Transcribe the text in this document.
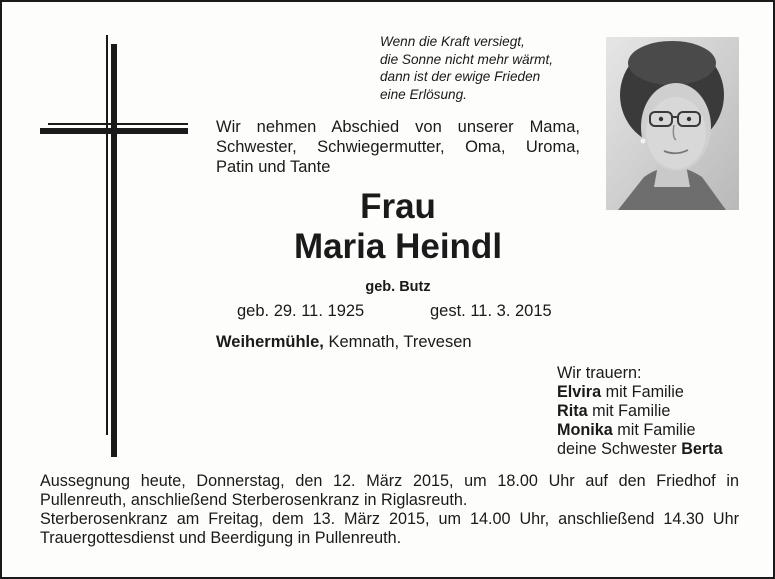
Wenn die Kraft versiegt,
die Sonne nicht mehr wärmt,
dann ist der ewige Frieden
eine Erlösung.
Wir nehmen Abschied von unserer Mama,
Schwester, Schwiegermutter, Oma, Uroma,
Patin und Tante
Frau
Maria Heindl
geb. Butz
geb. 29. 11. 1925	gest. 11. 3. 2015
Weihermühle, Kemnath, Trevesen
Wir trauern:
Elvira mit Familie
Rita mit Familie
Monika mit Familie
deine Schwester Berta
Aussegnung heute, Donnerstag, den 12. März 2015, um 18.00 Uhr auf den Friedhof in
Pullenreuth, anschließend Sterberosenkranz in Riglasreuth.
Sterberosenkranz am Freitag, dem 13. März 2015, um 14.00 Uhr, anschließend 14.30 Uhr
Trauergottesdienst und Beerdigung in Pullenreuth.
